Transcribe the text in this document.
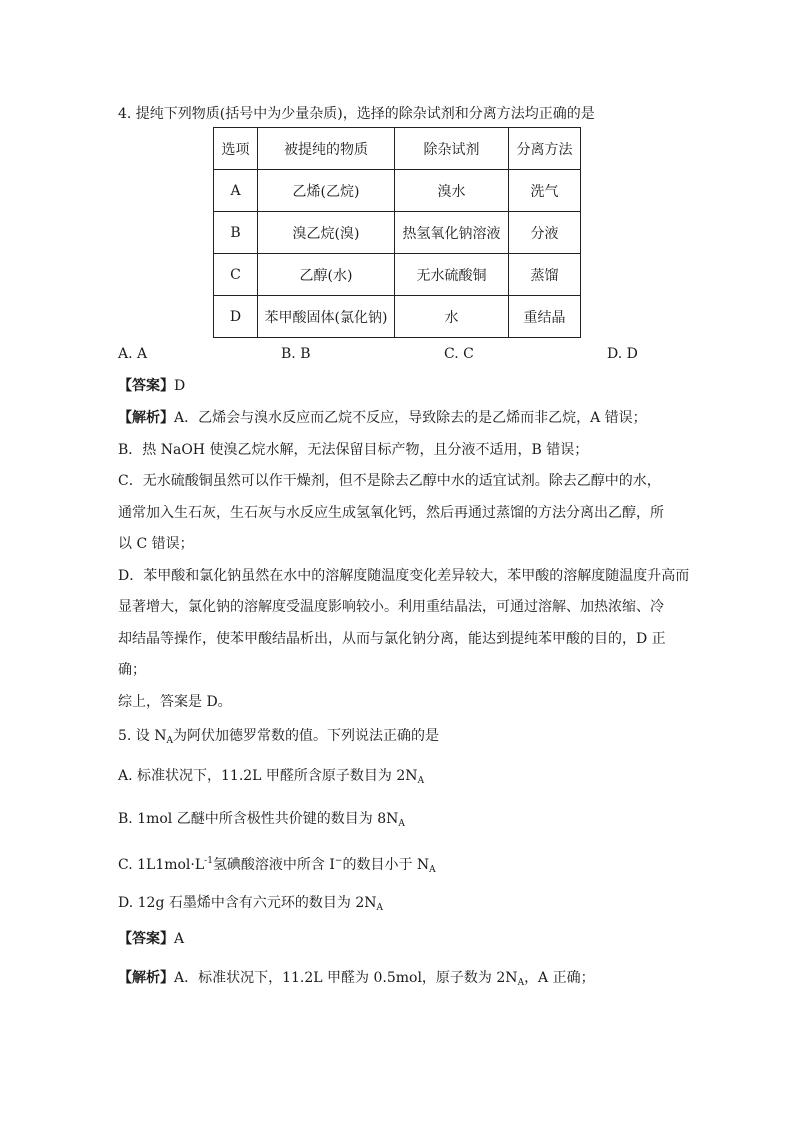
4. 提纯下列物质(括号中为少量杂质)，选择的除杂试剂和分离方法均正确的是
选项	被提纯的物质	除杂试剂	分离方法
A	乙烯(乙烷)	溴水	洗气
B	溴乙烷(溴)	热氢氧化钠溶液	分液
C	乙醇(水)	无水硫酸铜	蒸馏
D	苯甲酸固体(氯化钠)	水	重结晶
A. A	B. B	C. C	D. D
【答案】D
【解析】A．乙烯会与溴水反应而乙烷不反应，导致除去的是乙烯而非乙烷，A 错误；
B．热 NaOH 使溴乙烷水解，无法保留目标产物，且分液不适用，B 错误；
C．无水硫酸铜虽然可以作干燥剂，但不是除去乙醇中水的适宜试剂。除去乙醇中的水，
通常加入生石灰，生石灰与水反应生成氢氧化钙，然后再通过蒸馏的方法分离出乙醇，所
以 C 错误；
D．苯甲酸和氯化钠虽然在水中的溶解度随温度变化差异较大，苯甲酸的溶解度随温度升高而
显著增大，氯化钠的溶解度受温度影响较小。利用重结晶法，可通过溶解、加热浓缩、冷
却结晶等操作，使苯甲酸结晶析出，从而与氯化钠分离，能达到提纯苯甲酸的目的，D 正
确；
综上，答案是 D。
5. 设 $N_A$为阿伏加德罗常数的值。下列说法正确的是
A. 标准状况下，11.2L 甲醛所含原子数目为 $2N_A$
B. 1mol 乙醚中所含极性共价键的数目为 $8N_A$
C. $1L1mol\cdot L^{-1}$氢碘酸溶液中所含 I−的数目小于 $N_A$
D. 12g 石墨烯中含有六元环的数目为 $2N_A$
【答案】A
【解析】A．标准状况下，11.2L 甲醛为 0.5mol，原子数为 $2N_A$，A 正确；
